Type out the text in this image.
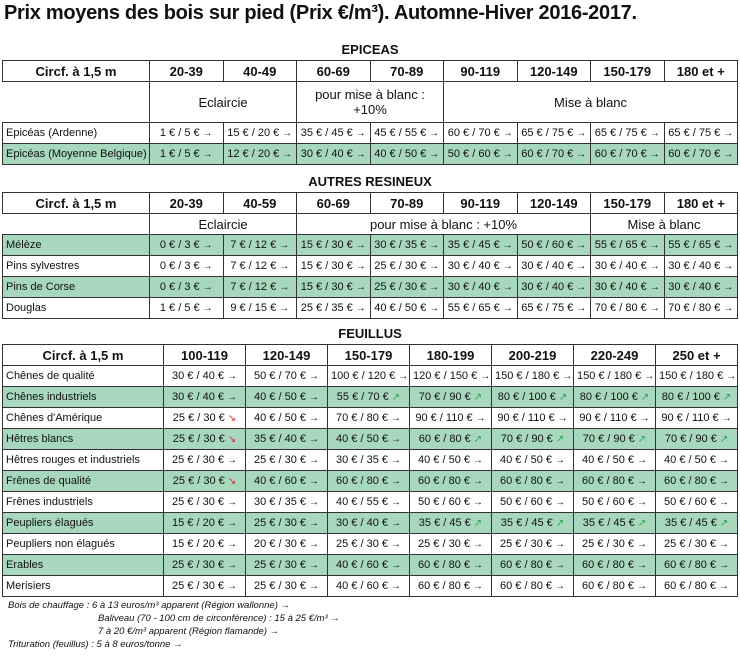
Prix moyens des bois sur pied (Prix €/m³). Automne-Hiver 2016-2017.
EPICEAS								
Circf. à 1,5 m	20-39	40-49	60-69	70-89	90-119	120-149	150-179	180 et +
	Eclaircie		pour mise à blanc : +10%		Mise à blanc			
Epicéas (Ardenne)	1 € / 5 € →	15 € / 20 € →	35 € / 45 € →	45 € / 55 € →	60 € / 70 € →	65 € / 75 € →	65 € / 75 € →	65 € / 75 € →
Epicéas (Moyenne Belgique)	1 € / 5 € →	12 € / 20 € →	30 € / 40 € →	40 € / 50 € →	50 € / 60 € →	60 € / 70 € →	60 € / 70 € →	60 € / 70 € →
AUTRES RESINEUX								
Circf. à 1,5 m	20-39	40-59	60-69	70-89	90-119	120-149	150-179	180 et +
	Eclaircie		pour mise à blanc : +10%				Mise à blanc	
Mélèze	0 € / 3 € →	7 € / 12 € →	15 € / 30 € →	30 € / 35 € →	35 € / 45 € →	50 € / 60 € →	55 € / 65 € →	55 € / 65 € →
Pins sylvestres	0 € / 3 € →	7 € / 12 € →	15 € / 30 € →	25 € / 30 € →	30 € / 40 € →	30 € / 40 € →	30 € / 40 € →	30 € / 40 € →
Pins de Corse	0 € / 3 € →	7 € / 12 € →	15 € / 30 € →	25 € / 30 € →	30 € / 40 € →	30 € / 40 € →	30 € / 40 € →	30 € / 40 € →
Douglas	1 € / 5 € →	9 € / 15 € →	25 € / 35 € →	40 € / 50 € →	55 € / 65 € →	65 € / 75 € →	70 € / 80 € →	70 € / 80 € →
FEUILLUS							
Circf. à 1,5 m	100-119	120-149	150-179	180-199	200-219	220-249	250 et +
Chênes de qualité	30 € / 40 € →	50 € / 70 € →	100 € / 120 € →	120 € / 150 € →	150 € / 180 € →	150 € / 180 € →	150 € / 180 € →
Chênes industriels	30 € / 40 € →	40 € / 50 € →	55 € / 70 € ↗	70 € / 90 € ↗	80 € / 100 € ↗	80 € / 100 € ↗	80 € / 100 € ↗
Chênes d'Amérique	25 € / 30 € ↘	40 € / 50 € →	70 € / 80 € →	90 € / 110 € →	90 € / 110 € →	90 € / 110 € →	90 € / 110 € →
Hêtres blancs	25 € / 30 € ↘	35 € / 40 € →	40 € / 50 € →	60 € / 80 € ↗	70 € / 90 € ↗	70 € / 90 € ↗	70 € / 90 € ↗
Hêtres rouges et industriels	25 € / 30 € →	25 € / 30 € →	30 € / 35 € →	40 € / 50 € →	40 € / 50 € →	40 € / 50 € →	40 € / 50 € →
Frênes de qualité	25 € / 30 € ↘	40 € / 60 € →	60 € / 80 € →	60 € / 80 € →	60 € / 80 € →	60 € / 80 € →	60 € / 80 € →
Frênes industriels	25 € / 30 € →	30 € / 35 € →	40 € / 55 € →	50 € / 60 € →	50 € / 60 € →	50 € / 60 € →	50 € / 60 € →
Peupliers élagués	15 € / 20 € →	25 € / 30 € →	30 € / 40 € →	35 € / 45 € ↗	35 € / 45 € ↗	35 € / 45 € ↗	35 € / 45 € ↗
Peupliers non élagués	15 € / 20 € →	20 € / 30 € →	25 € / 30 € →	25 € / 30 € →	25 € / 30 € →	25 € / 30 € →	25 € / 30 € →
Erables	25 € / 30 € →	25 € / 30 € →	40 € / 60 € →	60 € / 80 € →	60 € / 80 € →	60 € / 80 € →	60 € / 80 € →
Merisiers	25 € / 30 € →	25 € / 30 € →	40 € / 60 € →	60 € / 80 € →	60 € / 80 € →	60 € / 80 € →	60 € / 80 € →
Bois de chauffage : 6 à 13 euros/m³ apparent (Région wallonne) →
Baliveau (70 - 100 cm de circonférence) : 15 à 25 €/m³ →
7 à 20 €/m³ apparent (Région flamande) →
Trituration (feuillus) : 5 à 8 euros/tonne →
